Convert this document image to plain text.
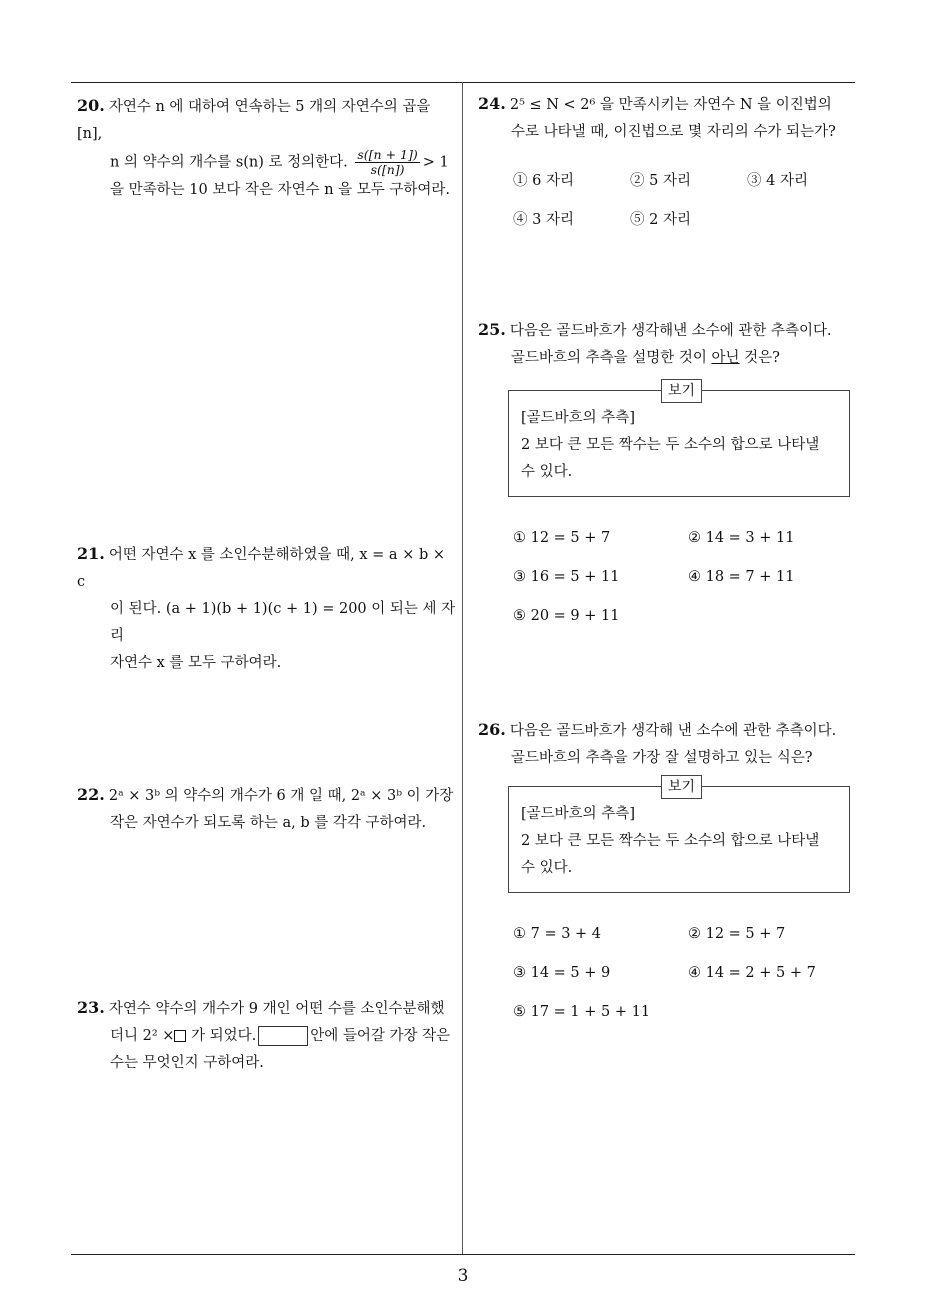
20. 자연수 n 에 대하여 연속하는 5 개의 자연수의 곱을 [n],

n 의 약수의 개수를 s(n) 로 정의한다. $\frac{s([n + 1])}{s([n])} > 1$

을 만족하는 10 보다 작은 자연수 n 을 모두 구하여라.

21. 어떤 자연수 x 를 소인수분해하였을 때, x = a × b × c

이 된다. (a + 1)(b + 1)(c + 1) = 200 이 되는 세 자리

자연수 x 를 모두 구하여라.

22. 2ᵃ × 3ᵇ 의 약수의 개수가 6 개 일 때, 2ᵃ × 3ᵇ 이 가장

작은 자연수가 되도록 하는 a, b 를 각각 구하여라.

23. 자연수 약수의 개수가 9 개인 어떤 수를 소인수분해했

더니 2² × 가 되었다.	안에 들어갈 가장 작은

수는 무엇인지 구하여라.

24. 2⁵ ≤ N < 2⁶ 을 만족시키는 자연수 N 을 이진법의

수로 나타낼 때, 이진법으로 몇 자리의 수가 되는가?

① 6 자리	② 5 자리	③ 4 자리
④ 3 자리	⑤ 2 자리

25. 다음은 골드바흐가 생각해낸 소수에 관한 추측이다.

골드바흐의 추측을 설명한 것이 아닌 것은?

보기
[골드바흐의 추측]
2 보다 큰 모든 짝수는 두 소수의 합으로 나타낼
수 있다.
① 12 = 5 + 7	② 14 = 3 + 11
③ 16 = 5 + 11	④ 18 = 7 + 11
⑤ 20 = 9 + 11

26. 다음은 골드바흐가 생각해 낸 소수에 관한 추측이다.

골드바흐의 추측을 가장 잘 설명하고 있는 식은?

보기
[골드바흐의 추측]
2 보다 큰 모든 짝수는 두 소수의 합으로 나타낼
수 있다.
① 7 = 3 + 4	② 12 = 5 + 7
③ 14 = 5 + 9	④ 14 = 2 + 5 + 7
⑤ 17 = 1 + 5 + 11
3
